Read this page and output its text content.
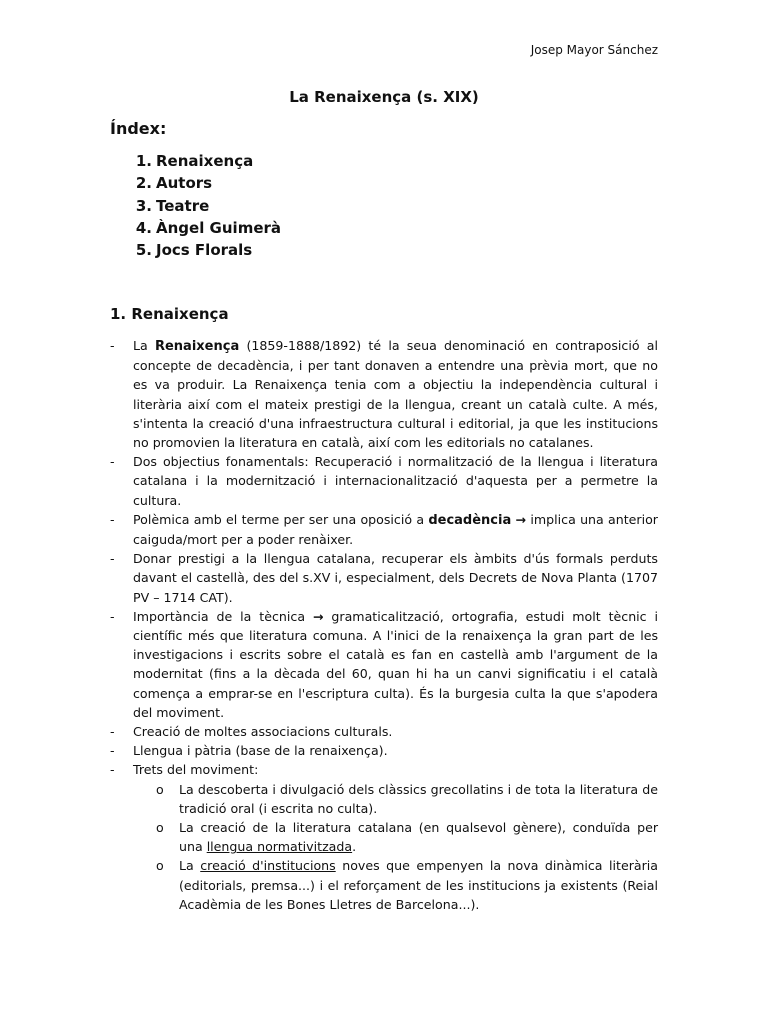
Josep Mayor Sánchez
La Renaixença (s. XIX)
Índex:
1. Renaixença
2. Autors
3. Teatre
4. Àngel Guimerà
5. Jocs Florals
1. Renaixença
- La Renaixença (1859-1888/1892) té la seua denominació en contraposició al concepte de decadència, i per tant donaven a entendre una prèvia mort, que no es va produir. La Renaixença tenia com a objectiu la independència cultural i literària així com el mateix prestigi de la llengua, creant un català culte. A més, s'intenta la creació d'una infraestructura cultural i editorial, ja que les institucions no promovien la literatura en català, així com les editorials no catalanes.
- Dos objectius fonamentals: Recuperació i normalització de la llengua i literatura catalana i la modernització i internacionalització d'aquesta per a permetre la cultura.
- Polèmica amb el terme per ser una oposició a decadència → implica una anterior caiguda/mort per a poder renàixer.
- Donar prestigi a la llengua catalana, recuperar els àmbits d'ús formals perduts davant el castellà, des del s.XV i, especialment, dels Decrets de Nova Planta (1707 PV – 1714 CAT).
- Importància de la tècnica → gramaticalització, ortografia, estudi molt tècnic i científic més que literatura comuna. A l'inici de la renaixença la gran part de les investigacions i escrits sobre el català es fan en castellà amb l'argument de la modernitat (fins a la dècada del 60, quan hi ha un canvi significatiu i el català comença a emprar-se en l'escriptura culta). És la burgesia culta la que s'apodera del moviment.
- Creació de moltes associacions culturals.
- Llengua i pàtria (base de la renaixença).
- Trets del moviment:
o La descoberta i divulgació dels clàssics grecollatins i de tota la literatura de tradició oral (i escrita no culta).
o La creació de la literatura catalana (en qualsevol gènere), conduïda per una llengua normativitzada.
o La creació d'institucions noves que empenyen la nova dinàmica literària (editorials, premsa...) i el reforçament de les institucions ja existents (Reial Acadèmia de les Bones Lletres de Barcelona...).
